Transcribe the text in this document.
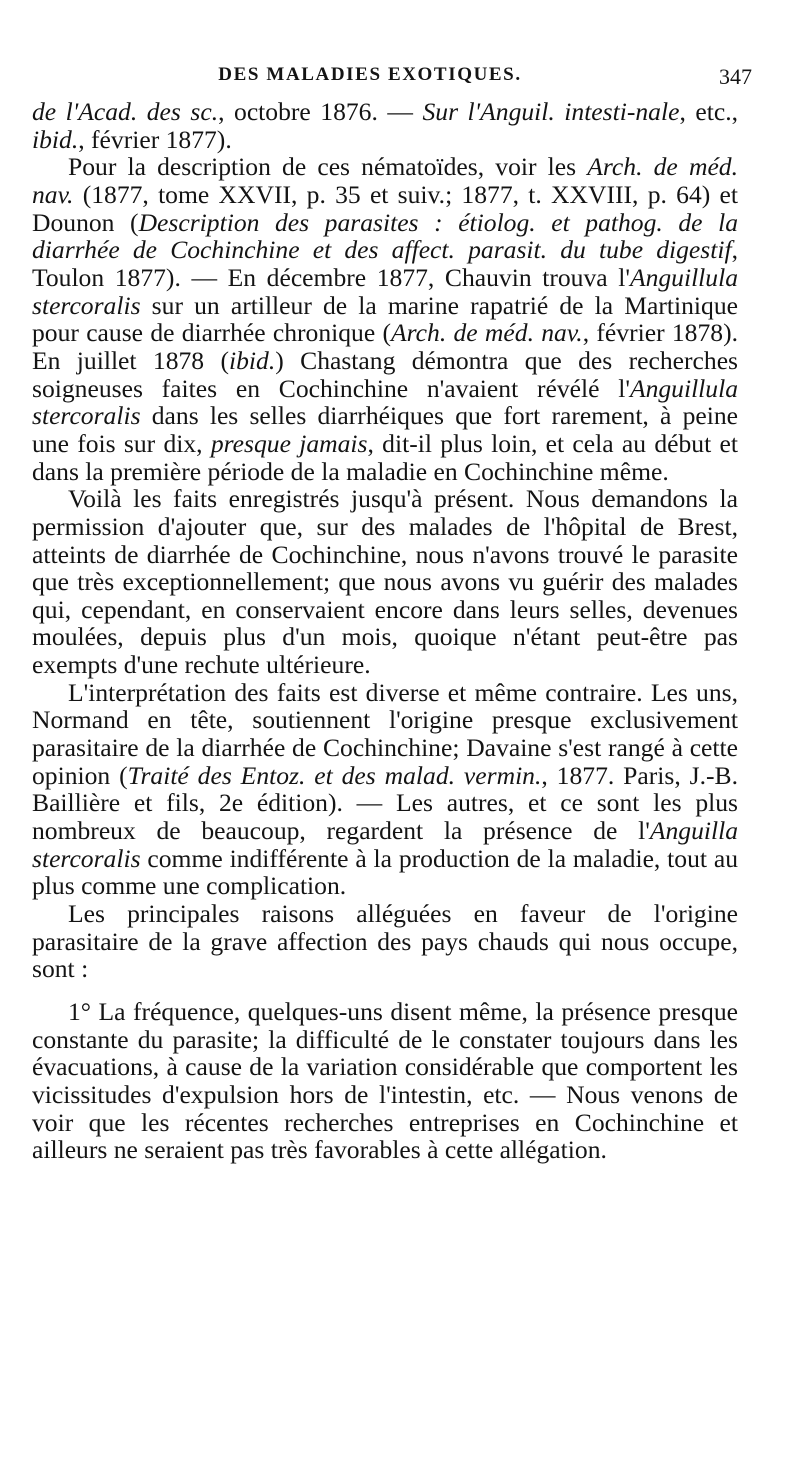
DES MALADIES EXOTIQUES.	347

de l'Acad. des sc., octobre 1876. — Sur l'Anguil. intesti-nale, etc., ibid., février 1877).

Pour la description de ces nématoïdes, voir les Arch. de méd. nav. (1877, tome XXVII, p. 35 et suiv.; 1877, t. XXVIII, p. 64) et Dounon (Description des parasites : étiolog. et pathog. de la diarrhée de Cochinchine et des affect. parasit. du tube digestif, Toulon 1877). — En décembre 1877, Chauvin trouva l'Anguillula stercoralis sur un artilleur de la marine rapatrié de la Martinique pour cause de diarrhée chronique (Arch. de méd. nav., février 1878). En juillet 1878 (ibid.) Chastang démontra que des recherches soigneuses faites en Cochinchine n'avaient révélé l'Anguillula stercoralis dans les selles diarrhéiques que fort rarement, à peine une fois sur dix, presque jamais, dit-il plus loin, et cela au début et dans la première période de la maladie en Cochinchine même.

Voilà les faits enregistrés jusqu'à présent. Nous demandons la permission d'ajouter que, sur des malades de l'hôpital de Brest, atteints de diarrhée de Cochinchine, nous n'avons trouvé le parasite que très exceptionnellement; que nous avons vu guérir des malades qui, cependant, en conservaient encore dans leurs selles, devenues moulées, depuis plus d'un mois, quoique n'étant peut-être pas exempts d'une rechute ultérieure.

L'interprétation des faits est diverse et même contraire. Les uns, Normand en tête, soutiennent l'origine presque exclusivement parasitaire de la diarrhée de Cochinchine; Davaine s'est rangé à cette opinion (Traité des Entoz. et des malad. vermin., 1877. Paris, J.-B. Baillière et fils, 2e édition). — Les autres, et ce sont les plus nombreux de beaucoup, regardent la présence de l'Anguilla stercoralis comme indifférente à la production de la maladie, tout au plus comme une complication.

Les principales raisons alléguées en faveur de l'origine parasitaire de la grave affection des pays chauds qui nous occupe, sont :

1° La fréquence, quelques-uns disent même, la présence presque constante du parasite; la difficulté de le constater toujours dans les évacuations, à cause de la variation considérable que comportent les vicissitudes d'expulsion hors de l'intestin, etc. — Nous venons de voir que les récentes recherches entreprises en Cochinchine et ailleurs ne seraient pas très favorables à cette allégation.
